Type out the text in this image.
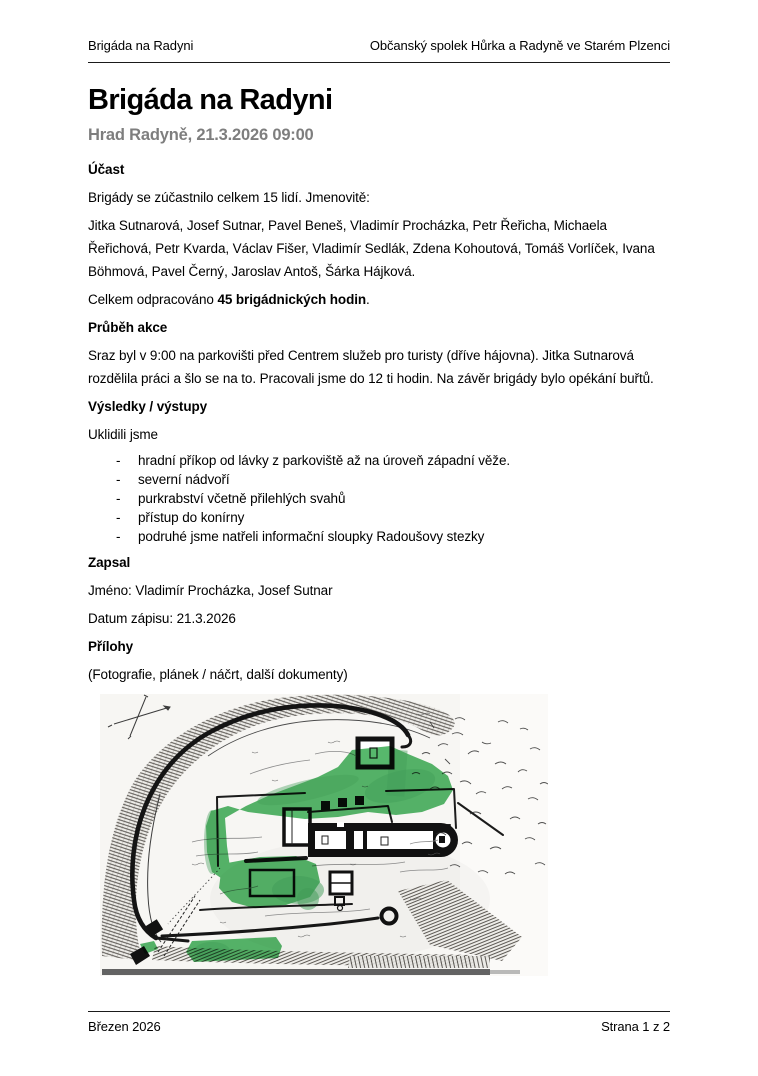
Brigáda na Radyni	Občanský spolek Hůrka a Radyně ve Starém Plzenci
Brigáda na Radyni
Hrad Radyně, 21.3.2026 09:00
Účast

Brigády se zúčastnilo celkem 15 lidí. Jmenovitě:

Jitka Sutnarová, Josef Sutnar, Pavel Beneš, Vladimír Procházka, Petr Řeřicha, Michaela Řeřichová, Petr Kvarda, Václav Fišer, Vladimír Sedlák, Zdena Kohoutová, Tomáš Vorlíček, Ivana Böhmová, Pavel Černý, Jaroslav Antoš, Šárka Hájková.

Celkem odpracováno 45 brigádnických hodin.

Průběh akce

Sraz byl v 9:00 na parkovišti před Centrem služeb pro turisty (dříve hájovna). Jitka Sutnarová rozdělila práci a šlo se na to. Pracovali jsme do 12 ti hodin. Na závěr brigády bylo opékání buřtů.

Výsledky / výstupy

Uklidili jsme

- hradní příkop od lávky z parkoviště až na úroveň západní věže.
- severní nádvoří
- purkrabství včetně přilehlých svahů
- přístup do konírny
- podruhé jsme natřeli informační sloupky Radoušovy stezky
Zapsal

Jméno: Vladimír Procházka, Josef Sutnar

Datum zápisu: 21.3.2026

Přílohy

(Fotografie, plánek / náčrt, další dokumenty)

Březen 2026	Strana 1 z 2
